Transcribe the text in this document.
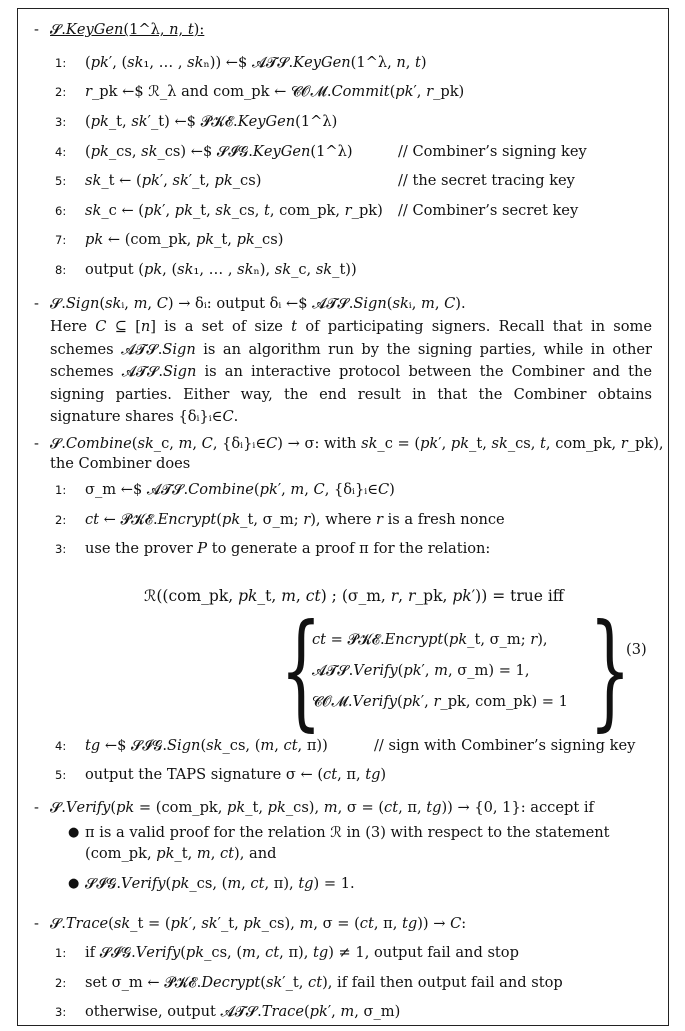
- 𝓢.𝐾𝑒𝑦𝐺𝑒𝑛(1^λ, 𝑛, 𝑡):
1: (𝑝𝑘′, (𝑠𝑘₁, … , 𝑠𝑘ₙ)) ←$ 𝓐𝓣𝓢.𝐾𝑒𝑦𝐺𝑒𝑛(1^λ, 𝑛, 𝑡)
2: 𝑟_pk ←$ ℛ_λ and com_pk ← 𝓒𝓞𝓜.𝐶𝑜𝑚𝑚𝑖𝑡(𝑝𝑘′, 𝑟_pk)
3: (𝑝𝑘_t, 𝑠𝑘′_t) ←$ 𝓟𝓚𝓔.𝐾𝑒𝑦𝐺𝑒𝑛(1^λ)
4: (𝑝𝑘_cs, 𝑠𝑘_cs) ←$ 𝓢𝓘𝓖.𝐾𝑒𝑦𝐺𝑒𝑛(1^λ)	// Combiner’s signing key
5: 𝑠𝑘_t ← (𝑝𝑘′, 𝑠𝑘′_t, 𝑝𝑘_cs)	// the secret tracing key
6: 𝑠𝑘_c ← (𝑝𝑘′, 𝑝𝑘_t, 𝑠𝑘_cs, 𝑡, com_pk, 𝑟_pk) // Combiner’s secret key
7: 𝑝𝑘 ← (com_pk, 𝑝𝑘_t, 𝑝𝑘_cs)
8: output (𝑝𝑘, (𝑠𝑘₁, … , 𝑠𝑘ₙ), 𝑠𝑘_c, 𝑠𝑘_t))
- 𝓢.𝑆𝑖𝑔𝑛(𝑠𝑘ᵢ, 𝑚, 𝐶) → δᵢ: output δᵢ ←$ 𝓐𝓣𝓢.𝑆𝑖𝑔𝑛(𝑠𝑘ᵢ, 𝑚, 𝐶).
Here 𝐶 ⊆ [𝑛] is a set of size 𝑡 of participating signers. Recall that in some schemes 𝓐𝓣𝓢.𝑆𝑖𝑔𝑛 is an algorithm run by the signing parties, while in other schemes 𝓐𝓣𝓢.𝑆𝑖𝑔𝑛 is an interactive protocol between the Combiner and the signing parties. Either way, the end result in that the Combiner obtains signature shares {δᵢ}ᵢ∈𝐶.
- 𝓢.𝐶𝑜𝑚𝑏𝑖𝑛𝑒(𝑠𝑘_c, 𝑚, 𝐶, {δᵢ}ᵢ∈𝐶) → σ: with 𝑠𝑘_c = (𝑝𝑘′, 𝑝𝑘_t, 𝑠𝑘_cs, 𝑡, com_pk, 𝑟_pk),
the Combiner does
1: σ_m ←$ 𝓐𝓣𝓢.𝐶𝑜𝑚𝑏𝑖𝑛𝑒(𝑝𝑘′, 𝑚, 𝐶, {δᵢ}ᵢ∈𝐶)
2: 𝑐𝑡 ← 𝓟𝓚𝓔.𝐸𝑛𝑐𝑟𝑦𝑝𝑡(𝑝𝑘_t, σ_m; 𝑟), where 𝑟 is a fresh nonce
3: use the prover 𝑃 to generate a proof π for the relation:
ℛ((com_pk, 𝑝𝑘_t, 𝑚, 𝑐𝑡) ; (σ_m, 𝑟, 𝑟_pk, 𝑝𝑘′)) = true iff
{
𝑐𝑡 = 𝓟𝓚𝓔.𝐸𝑛𝑐𝑟𝑦𝑝𝑡(𝑝𝑘_t, σ_m; 𝑟),
𝓐𝓣𝓢.𝑉𝑒𝑟𝑖𝑓𝑦(𝑝𝑘′, 𝑚, σ_m) = 1,
𝓒𝓞𝓜.𝑉𝑒𝑟𝑖𝑓𝑦(𝑝𝑘′, 𝑟_pk, com_pk) = 1 }
(3)
4: 𝑡𝑔 ←$ 𝓢𝓘𝓖.𝑆𝑖𝑔𝑛(𝑠𝑘_cs, (𝑚, 𝑐𝑡, π))	// sign with Combiner’s signing key
5: output the TAPS signature σ ← (𝑐𝑡, π, 𝑡𝑔)
- 𝓢.𝑉𝑒𝑟𝑖𝑓𝑦(𝑝𝑘 = (com_pk, 𝑝𝑘_t, 𝑝𝑘_cs), 𝑚, σ = (𝑐𝑡, π, 𝑡𝑔)) → {0, 1}: accept if
● π is a valid proof for the relation ℛ in (3) with respect to the statement
(com_pk, 𝑝𝑘_t, 𝑚, 𝑐𝑡), and
● 𝓢𝓘𝓖.𝑉𝑒𝑟𝑖𝑓𝑦(𝑝𝑘_cs, (𝑚, 𝑐𝑡, π), 𝑡𝑔) = 1.
- 𝓢.𝑇𝑟𝑎𝑐𝑒(𝑠𝑘_t = (𝑝𝑘′, 𝑠𝑘′_t, 𝑝𝑘_cs), 𝑚, σ = (𝑐𝑡, π, 𝑡𝑔)) → 𝐶:
1: if 𝓢𝓘𝓖.𝑉𝑒𝑟𝑖𝑓𝑦(𝑝𝑘_cs, (𝑚, 𝑐𝑡, π), 𝑡𝑔) ≠ 1, output fail and stop
2: set σ_m ← 𝓟𝓚𝓔.𝐷𝑒𝑐𝑟𝑦𝑝𝑡(𝑠𝑘′_t, 𝑐𝑡), if fail then output fail and stop
3: otherwise, output 𝓐𝓣𝓢.𝑇𝑟𝑎𝑐𝑒(𝑝𝑘′, 𝑚, σ_m)
